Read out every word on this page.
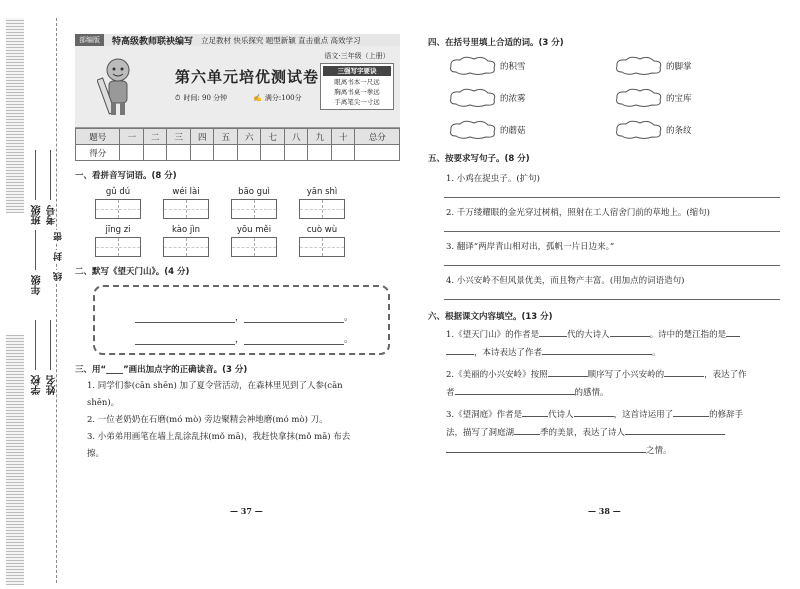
班级 考号
年级
学校 姓名
密
封
线
部编版	特高级教师联袂编写 立足教材 快乐探究 题型新颖 直击重点 高效学习
第六单元培优测试卷
⏱ 时间: 90 分钟	✍ 满分:100分
语文·三年级（上册）
三强写字要诀
眼离书本一尺远
胸离书桌一拳远
手离笔尖一寸远
题号	一	二	三	四	五	六	七	八	九	十	总分
得分											
一、看拼音写词语。(8 分)
gǔ dú	wéi lài	bāo guì	yān shì
jīng zi	kào jìn	yōu měi	cuò wù
二、默写《望天门山》。(4 分)
，	。
，	。
三、用“____”画出加点字的正确读音。(3 分)
1. 同学们参(cān shēn) 加了夏令营活动，在森林里见到了人参(cān
shēn)。
2. 一位老奶奶在石磨(mó mò) 旁边聚精会神地磨(mó mò) 刀。
3. 小弟弟用画笔在墙上乱涂乱抹(mǒ mā)，我赶快拿抹(mǒ mā) 布去
擦。
— 37 —
四、在括号里填上合适的词。(3 分)
的积雪	的脚掌
的浓雾	的宝库
的蘑菇	的条纹
五、按要求写句子。(8 分)
1. 小鸡在捉虫子。(扩句)
2. 千万缕耀眼的金光穿过树梢，照射在工人宿舍门前的草地上。(缩句)
3. 翻译“两岸青山相对出，孤帆一片日边来。”
4. 小兴安岭不但风景优美，而且物产丰富。(用加点的词语造句)
六、根据课文内容填空。(13 分)
1.《望天门山》的作者是	代的大诗人	。诗中的楚江指的是
，本诗表达了作者	。
2.《美丽的小兴安岭》按照	顺序写了小兴安岭的	，表达了作
者	的感情。
3.《望洞庭》作者是	代诗人	，这首诗运用了	的修辞手
法，描写了洞庭湖	季的美景，表达了诗人
之情。
— 38 —
